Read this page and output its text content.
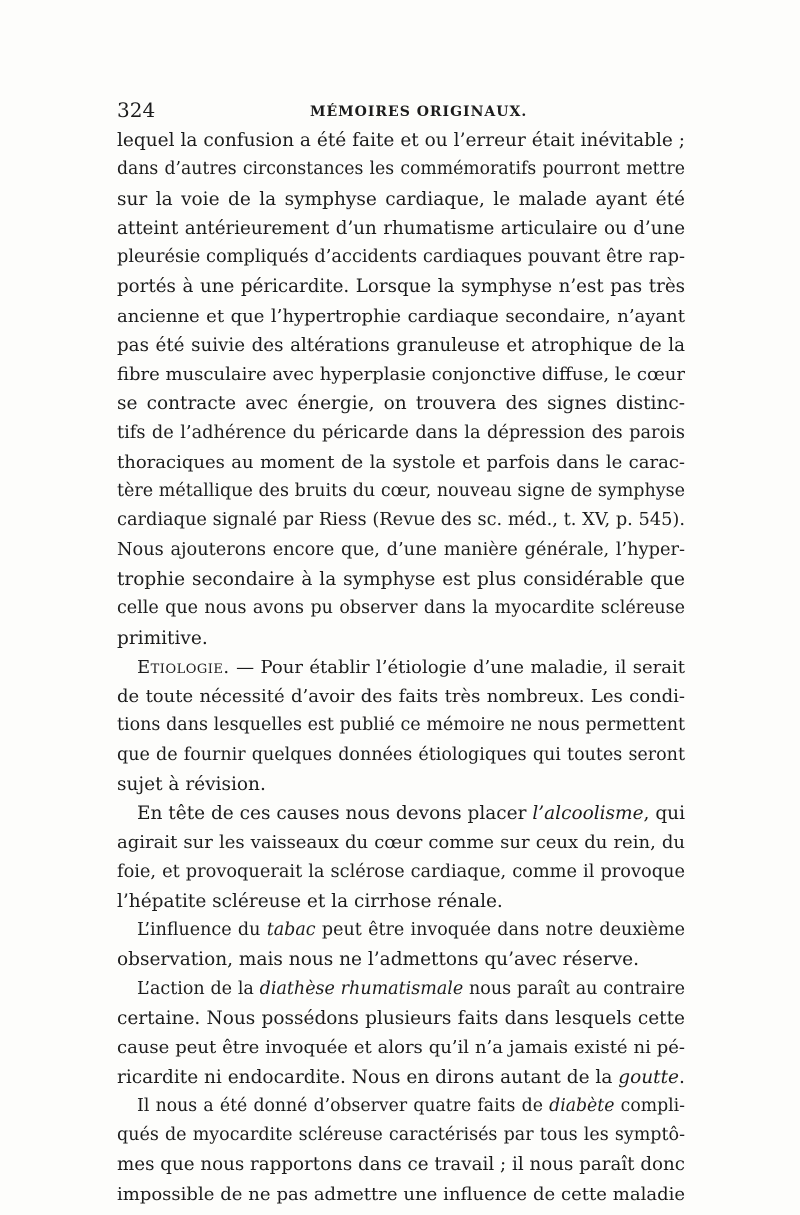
324	MÉMOIRES ORIGINAUX.
lequel la confusion a été faite et ou l’erreur était inévitable ;
dans d’autres circonstances les commémoratifs pourront mettre
sur la voie de la symphyse cardiaque, le malade ayant été
atteint antérieurement d’un rhumatisme articulaire ou d’une
pleurésie compliqués d’accidents cardiaques pouvant être rap-
portés à une péricardite. Lorsque la symphyse n’est pas très
ancienne et que l’hypertrophie cardiaque secondaire, n’ayant
pas été suivie des altérations granuleuse et atrophique de la
fibre musculaire avec hyperplasie conjonctive diffuse, le cœur
se contracte avec énergie, on trouvera des signes distinc-
tifs de l’adhérence du péricarde dans la dépression des parois
thoraciques au moment de la systole et parfois dans le carac-
tère métallique des bruits du cœur, nouveau signe de symphyse
cardiaque signalé par Riess (Revue des sc. méd., t. XV, p. 545).
Nous ajouterons encore que, d’une manière générale, l’hyper-
trophie secondaire à la symphyse est plus considérable que
celle que nous avons pu observer dans la myocardite scléreuse
primitive.
Etiologie. — Pour établir l’étiologie d’une maladie, il serait
de toute nécessité d’avoir des faits très nombreux. Les condi-
tions dans lesquelles est publié ce mémoire ne nous permettent
que de fournir quelques données étiologiques qui toutes seront
sujet à révision.
En tête de ces causes nous devons placer l’alcoolisme, qui
agirait sur les vaisseaux du cœur comme sur ceux du rein, du
foie, et provoquerait la sclérose cardiaque, comme il provoque
l’hépatite scléreuse et la cirrhose rénale.
L’influence du tabac peut être invoquée dans notre deuxième
observation, mais nous ne l’admettons qu’avec réserve.
L’action de la diathèse rhumatismale nous paraît au contraire
certaine. Nous possédons plusieurs faits dans lesquels cette
cause peut être invoquée et alors qu’il n’a jamais existé ni pé-
ricardite ni endocardite. Nous en dirons autant de la goutte.
Il nous a été donné d’observer quatre faits de diabète compli-
qués de myocardite scléreuse caractérisés par tous les symptô-
mes que nous rapportons dans ce travail ; il nous paraît donc
impossible de ne pas admettre une influence de cette maladie
